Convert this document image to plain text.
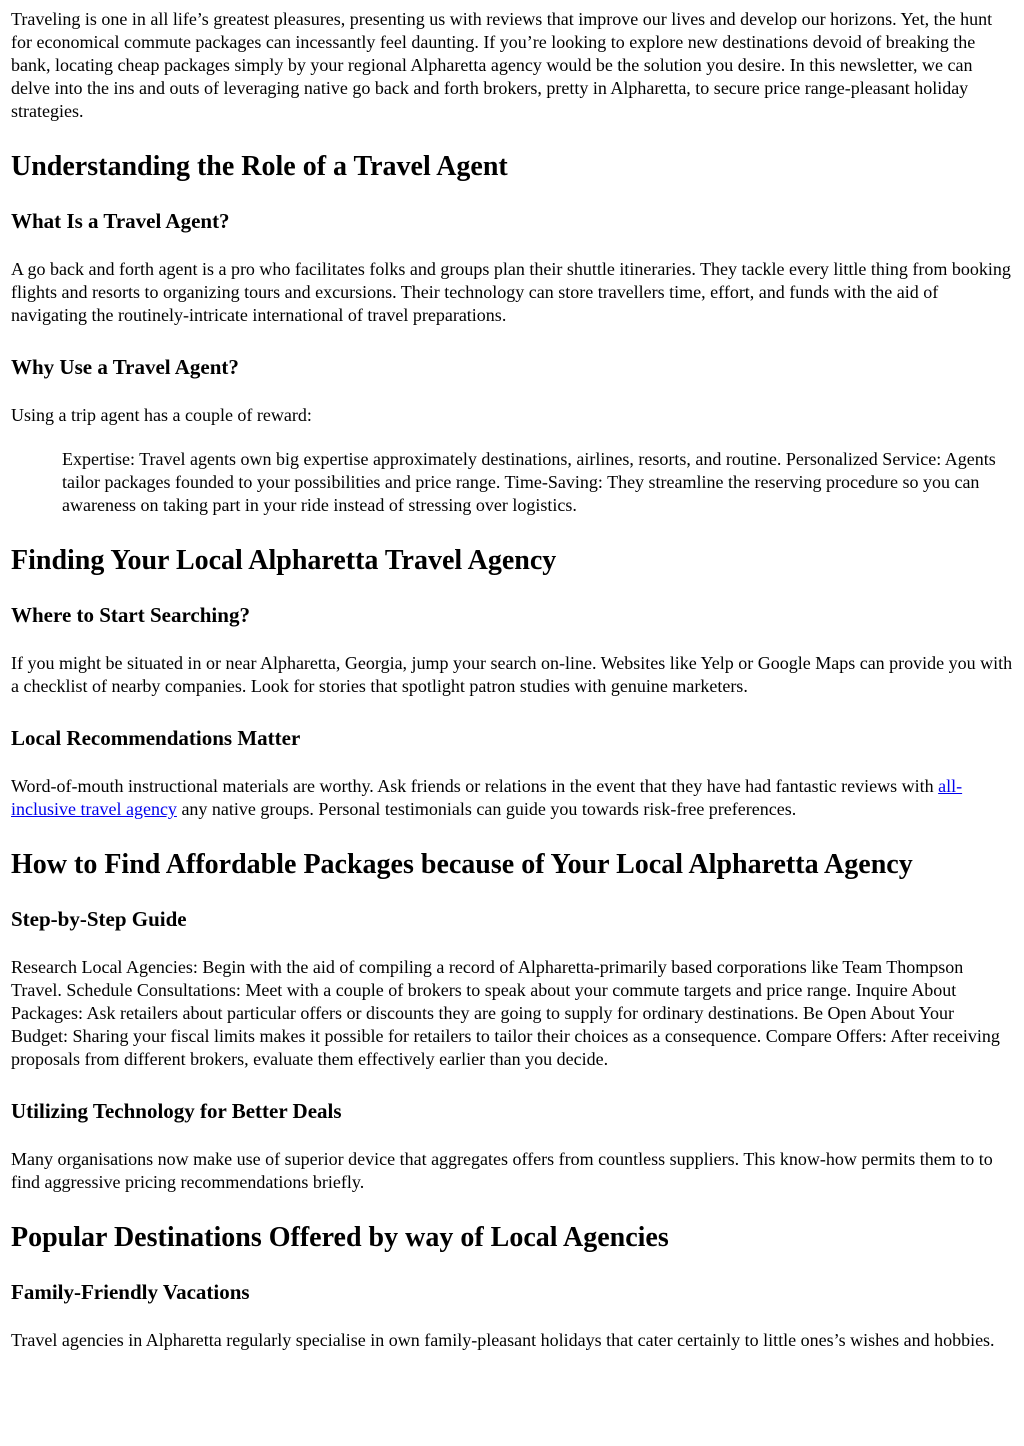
Traveling is one in all life’s greatest pleasures, presenting us with reviews that improve our lives and develop our horizons. Yet, the hunt for economical commute packages can incessantly feel daunting. If you’re looking to explore new destinations devoid of breaking the bank, locating cheap packages simply by your regional Alpharetta agency would be the solution you desire. In this newsletter, we can delve into the ins and outs of leveraging native go back and forth brokers, pretty in Alpharetta, to secure price range-pleasant holiday strategies.

Understanding the Role of a Travel Agent
What Is a Travel Agent?

A go back and forth agent is a pro who facilitates folks and groups plan their shuttle itineraries. They tackle every little thing from booking flights and resorts to organizing tours and excursions. Their technology can store travellers time, effort, and funds with the aid of navigating the routinely-intricate international of travel preparations.

Why Use a Travel Agent?

Using a trip agent has a couple of reward:

Expertise: Travel agents own big expertise approximately destinations, airlines, resorts, and routine. Personalized Service: Agents tailor packages founded to your possibilities and price range. Time-Saving: They streamline the reserving procedure so you can awareness on taking part in your ride instead of stressing over logistics.
Finding Your Local Alpharetta Travel Agency
Where to Start Searching?

If you might be situated in or near Alpharetta, Georgia, jump your search on-line. Websites like Yelp or Google Maps can provide you with a checklist of nearby companies. Look for stories that spotlight patron studies with genuine marketers.

Local Recommendations Matter

Word-of-mouth instructional materials are worthy. Ask friends or relations in the event that they have had fantastic reviews with all-inclusive travel agency any native groups. Personal testimonials can guide you towards risk-free preferences.

How to Find Affordable Packages because of Your Local Alpharetta Agency
Step-by-Step Guide

Research Local Agencies: Begin with the aid of compiling a record of Alpharetta-primarily based corporations like Team Thompson Travel. Schedule Consultations: Meet with a couple of brokers to speak about your commute targets and price range. Inquire About Packages: Ask retailers about particular offers or discounts they are going to supply for ordinary destinations. Be Open About Your Budget: Sharing your fiscal limits makes it possible for retailers to tailor their choices as a consequence. Compare Offers: After receiving proposals from different brokers, evaluate them effectively earlier than you decide.

Utilizing Technology for Better Deals

Many organisations now make use of superior device that aggregates offers from countless suppliers. This know-how permits them to to find aggressive pricing recommendations briefly.

Popular Destinations Offered by way of Local Agencies
Family-Friendly Vacations

Travel agencies in Alpharetta regularly specialise in own family-pleasant holidays that cater certainly to little ones’s wishes and hobbies.
